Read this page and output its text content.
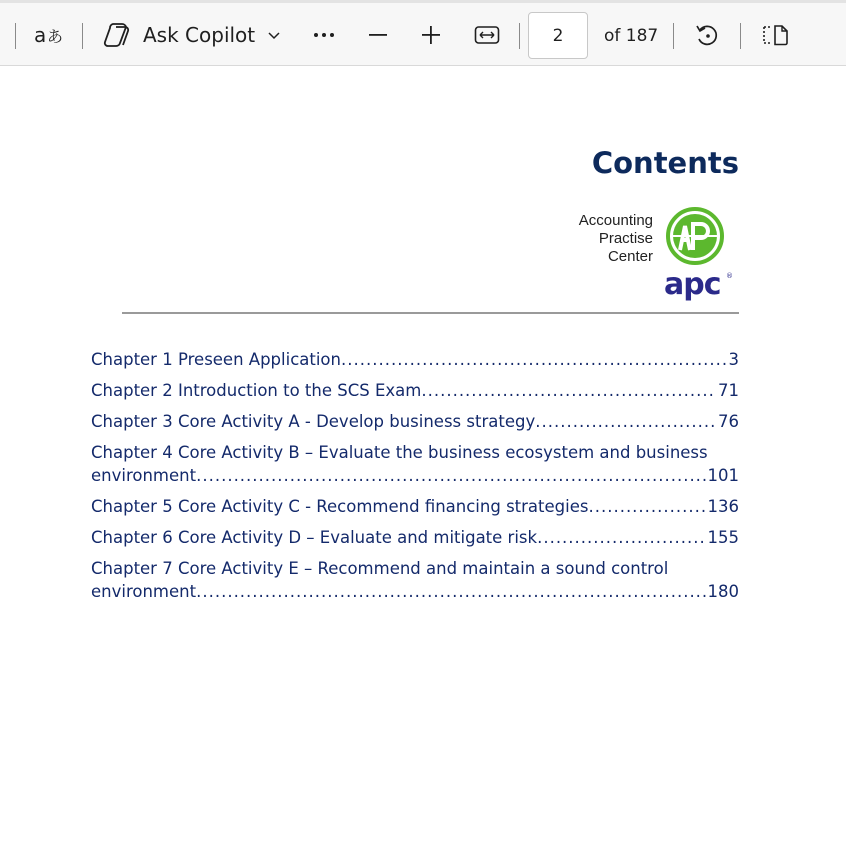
a あ	Ask Copilot
2	of 187
Contents
Accounting
Practise
Center
apc ®
Chapter 1 Preseen Application .....	3
Chapter 2 Introduction to the SCS Exam .....	71
Chapter 3 Core Activity A - Develop business strategy .....	76
Chapter 4 Core Activity B – Evaluate the business ecosystem and business
environment .....	101
Chapter 5 Core Activity C - Recommend financing strategies .....	136
Chapter 6 Core Activity D – Evaluate and mitigate risk .....	155
Chapter 7 Core Activity E – Recommend and maintain a sound control
environment .....	180
